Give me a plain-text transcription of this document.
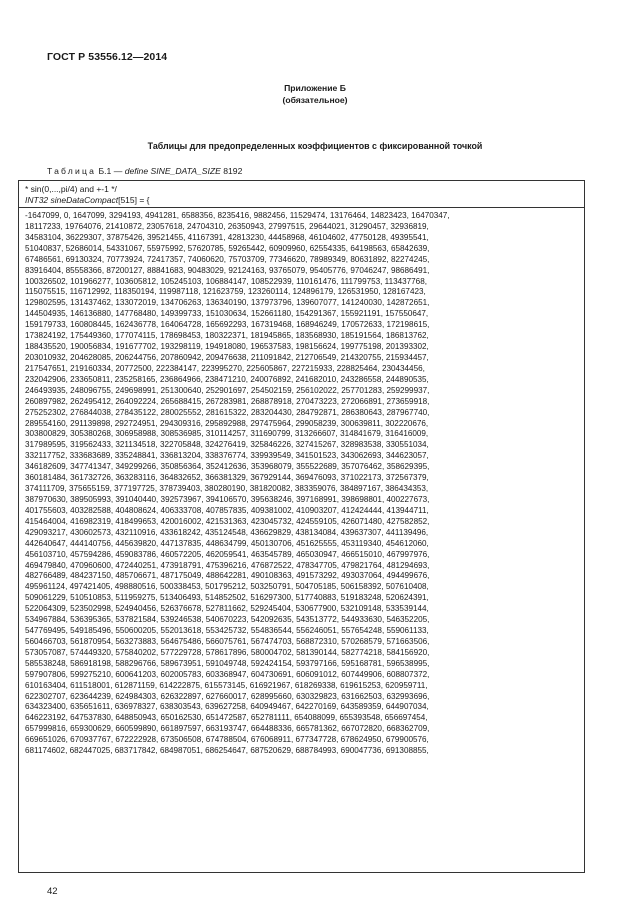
ГОСТ Р 53556.12—2014
Приложение Б
(обязательное)
Таблицы для предопределенных коэффициентов с фиксированной точкой
Таблица Б.1 — define SINE_DATA_SIZE 8192
* sin(0,...,pi/4) and +-1 */
INT32 sineDataCompact[515] = {
-1647099, 0, 1647099, 3294193, 4941281, 6588356, 8235416, 9882456, 11529474, 13176464, 14823423, 16470347,
18117233, 19764076, 21410872, 23057618, 24704310, 26350943, 27997515, 29644021, 31290457, 32936819,
34583104, 36229307, 37875426, 39521455, 41167391, 42813230, 44458968, 46104602, 47750128, 49395541,
51040837, 52686014, 54331067, 55975992, 57620785, 59265442, 60909960, 62554335, 64198563, 65842639,
67486561, 69130324, 70773924, 72417357, 74060620, 75703709, 77346620, 78989349, 80631892, 82274245,
83916404, 85558366, 87200127, 88841683, 90483029, 92124163, 93765079, 95405776, 97046247, 98686491,
100326502, 101966277, 103605812, 105245103, 106884147, 108522939, 110161476, 111799753, 113437768,
115075515, 116712992, 118350194, 119987118, 121623759, 123260114, 124896179, 126531950, 128167423,
129802595, 131437462, 133072019, 134706263, 136340190, 137973796, 139607077, 141240030, 142872651,
144504935, 146136880, 147768480, 149399733, 151030634, 152661180, 154291367, 155921191, 157550647,
159179733, 160808445, 162436778, 164064728, 165692293, 167319468, 168946249, 170572633, 172198615,
173824192, 175449360, 177074115, 178698453, 180322371, 181945865, 183568930, 185191564, 186813762,
188435520, 190056834, 191677702, 193298119, 194918080, 196537583, 198156624, 199775198, 201393302,
203010932, 204628085, 206244756, 207860942, 209476638, 211091842, 212706549, 214320755, 215934457,
217547651, 219160334, 20772500, 222384147, 223995270, 225605867, 227215933, 228825464, 230434456,
232042906, 233650811, 235258165, 236864966, 238471210, 240076892, 241682010, 243286558, 244890535,
246493935, 248096755, 249698991, 251300640, 252901697, 254502159, 256102022, 257701283, 259299937,
260897982, 262495412, 264092224, 265688415, 267283981, 268878918, 270473223, 272066891, 273659918,
275252302, 276844038, 278435122, 280025552, 281615322, 283204430, 284792871, 286380643, 287967740,
289554160, 291139898, 292724951, 294309316, 295892988, 297475964, 299058239, 300639811, 302220676,
303800829, 305380268, 306958988, 308536985, 310114257, 311690799, 313266607, 314841679, 316416009,
317989595, 319562433, 321134518, 322705848, 324276419, 325846226, 327415267, 328983538, 330551034,
332117752, 333683689, 335248841, 336813204, 338376774, 339939549, 341501523, 343062693, 344623057,
346182609, 347741347, 349299266, 350856364, 352412636, 353968079, 355522689, 357076462, 358629395,
360181484, 361732726, 363283116, 364832652, 366381329, 367929144, 369476093, 371022173, 372567379,
374111709, 375655159, 377197725, 378739403, 380280190, 381820082, 383359076, 384897167, 386434353,
387970630, 389505993, 391040440, 392573967, 394106570, 395638246, 397168991, 398698801, 400227673,
401755603, 403282588, 404808624, 406333708, 407857835, 409381002, 410903207, 412424444, 413944711,
415464004, 416982319, 418499653, 420016002, 421531363, 423045732, 424559105, 426071480, 427582852,
429093217, 430602573, 432110916, 433618242, 435124548, 436629829, 438134084, 439637307, 441139496,
442640647, 444140756, 445639820, 447137835, 448634799, 450130706, 451625555, 453119340, 454612060,
456103710, 457594286, 459083786, 460572205, 462059541, 463545789, 465030947, 466515010, 467997976,
469479840, 470960600, 472440251, 473918791, 475396216, 476872522, 478347705, 479821764, 481294693,
482766489, 484237150, 485706671, 487175049, 488642281, 490108363, 491573292, 493037064, 494499676,
495961124, 497421405, 498880516, 500338453, 501795212, 503250791, 504705185, 506158392, 507610408,
509061229, 510510853, 511959275, 513406493, 514852502, 516297300, 517740883, 519183248, 520624391,
522064309, 523502998, 524940456, 526376678, 527811662, 529245404, 530677900, 532109148, 533539144,
534967884, 536395365, 537821584, 539246538, 540670223, 542092635, 543513772, 544933630, 546352205,
547769495, 549185496, 550600205, 552013618, 553425732, 554836544, 556246051, 557654248, 559061133,
560466703, 561870954, 563273883, 564675486, 566075761, 567474703, 568872310, 570268579, 571663506,
573057087, 574449320, 575840202, 577229728, 578617896, 580004702, 581390144, 582774218, 584156920,
585538248, 586918198, 588296766, 589673951, 591049748, 592424154, 593797166, 595168781, 596538995,
597907806, 599275210, 600641203, 602005783, 603368947, 604730691, 606091012, 607449906, 608807372,
610163404, 611518001, 612871159, 614222875, 615573145, 616921967, 618269338, 619615253, 620959711,
622302707, 623644239, 624984303, 626322897, 627660017, 628995660, 630329823, 631662503, 632993696,
634323400, 635651611, 636978327, 638303543, 639627258, 640949467, 642270169, 643589359, 644907034,
646223192, 647537830, 648850943, 650162530, 651472587, 652781111, 654088099, 655393548, 656697454,
657999816, 659300629, 660599890, 661897597, 663193747, 664488336, 665781362, 667072820, 668362709,
669651026, 670937767, 672222928, 673506508, 674788504, 676068911, 677347728, 678624950, 679900576,
681174602, 682447025, 683717842, 684987051, 686254647, 687520629, 688784993, 690047736, 691308855,
42
